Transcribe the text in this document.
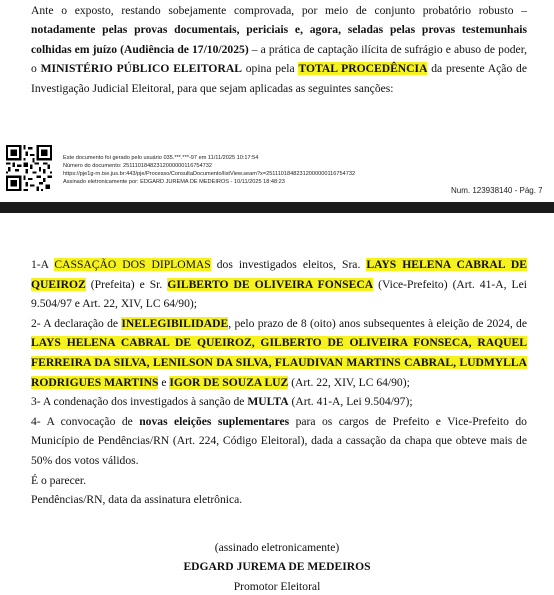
Ante o exposto, restando sobejamente comprovada, por meio de conjunto probatório robusto – notadamente pelas provas documentais, periciais e, agora, seladas pelas provas testemunhais colhidas em juízo (Audiência de 17/10/2025) – a prática de captação ilícita de sufrágio e abuso de poder, o MINISTÉRIO PÚBLICO ELEITORAL opina pela TOTAL PROCEDÊNCIA da presente Ação de Investigação Judicial Eleitoral, para que sejam aplicadas as seguintes sanções:
Este documento foi gerado pelo usuário 035.***.***-97 em 11/11/2025 10:17:54
Número do documento: 25111018482312000000116754732
https://pje1g-rn.tse.jus.br:443/pje/Processo/ConsultaDocumento/listView.seam?x=25111018482312000000116754732
Assinado eletronicamente por: EDGARD JUREMA DE MEDEIROS - 10/11/2025 18:48:23
Num. 123938140 - Pág. 7
1-A CASSAÇÃO DOS DIPLOMAS dos investigados eleitos, Sra. LAYS HELENA CABRAL DE QUEIROZ (Prefeita) e Sr. GILBERTO DE OLIVEIRA FONSECA (Vice-Prefeito) (Art. 41-A, Lei 9.504/97 e Art. 22, XIV, LC 64/90);
2- A declaração de INELEGIBILIDADE, pelo prazo de 8 (oito) anos subsequentes à eleição de 2024, de LAYS HELENA CABRAL DE QUEIROZ, GILBERTO DE OLIVEIRA FONSECA, RAQUEL FERREIRA DA SILVA, LENILSON DA SILVA, FLAUDIVAN MARTINS CABRAL, LUDMYLLA RODRIGUES MARTINS e IGOR DE SOUZA LUZ (Art. 22, XIV, LC 64/90);
3- A condenação dos investigados à sanção de MULTA (Art. 41-A, Lei 9.504/97);
4- A convocação de novas eleições suplementares para os cargos de Prefeito e Vice-Prefeito do Município de Pendências/RN (Art. 224, Código Eleitoral), dada a cassação da chapa que obteve mais de 50% dos votos válidos.
É o parecer.
Pendências/RN, data da assinatura eletrônica.
(assinado eletronicamente)
EDGARD JUREMA DE MEDEIROS
Promotor Eleitoral
